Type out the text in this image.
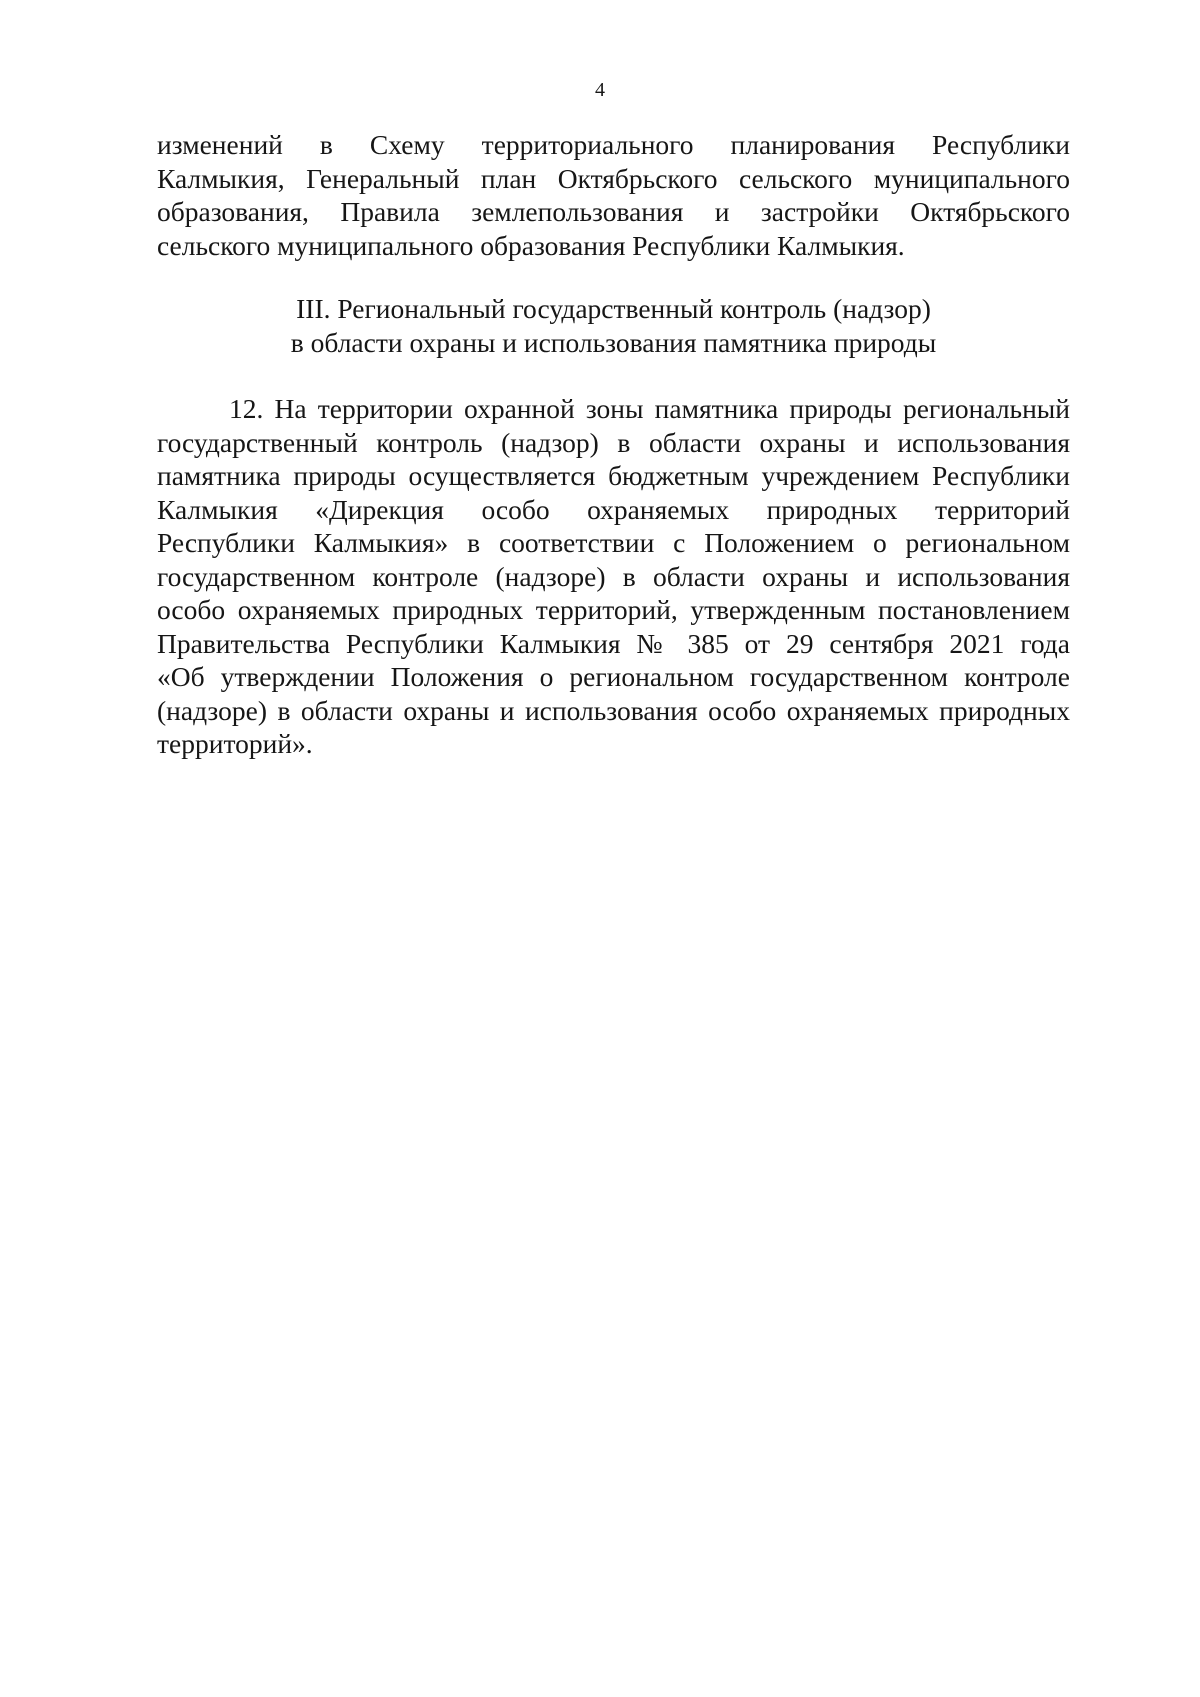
4

изменений в Схему территориального планирования Республики
Калмыкия, Генеральный план Октябрьского сельского муниципального
образования, Правила землепользования и застройки Октябрьского
сельского муниципального образования Республики Калмыкия.

III. Региональный государственный контроль (надзор)
в области охраны и использования памятника природы

12. На территории охранной зоны памятника природы региональный
государственный контроль (надзор) в области охраны и использования
памятника природы осуществляется бюджетным учреждением Республики
Калмыкия «Дирекция особо охраняемых природных территорий
Республики Калмыкия» в соответствии с Положением о региональном
государственном контроле (надзоре) в области охраны и использования
особо охраняемых природных территорий, утвержденным постановлением
Правительства Республики Калмыкия № 385 от 29 сентября 2021 года
«Об утверждении Положения о региональном государственном контроле
(надзоре) в области охраны и использования особо охраняемых природных
территорий».
